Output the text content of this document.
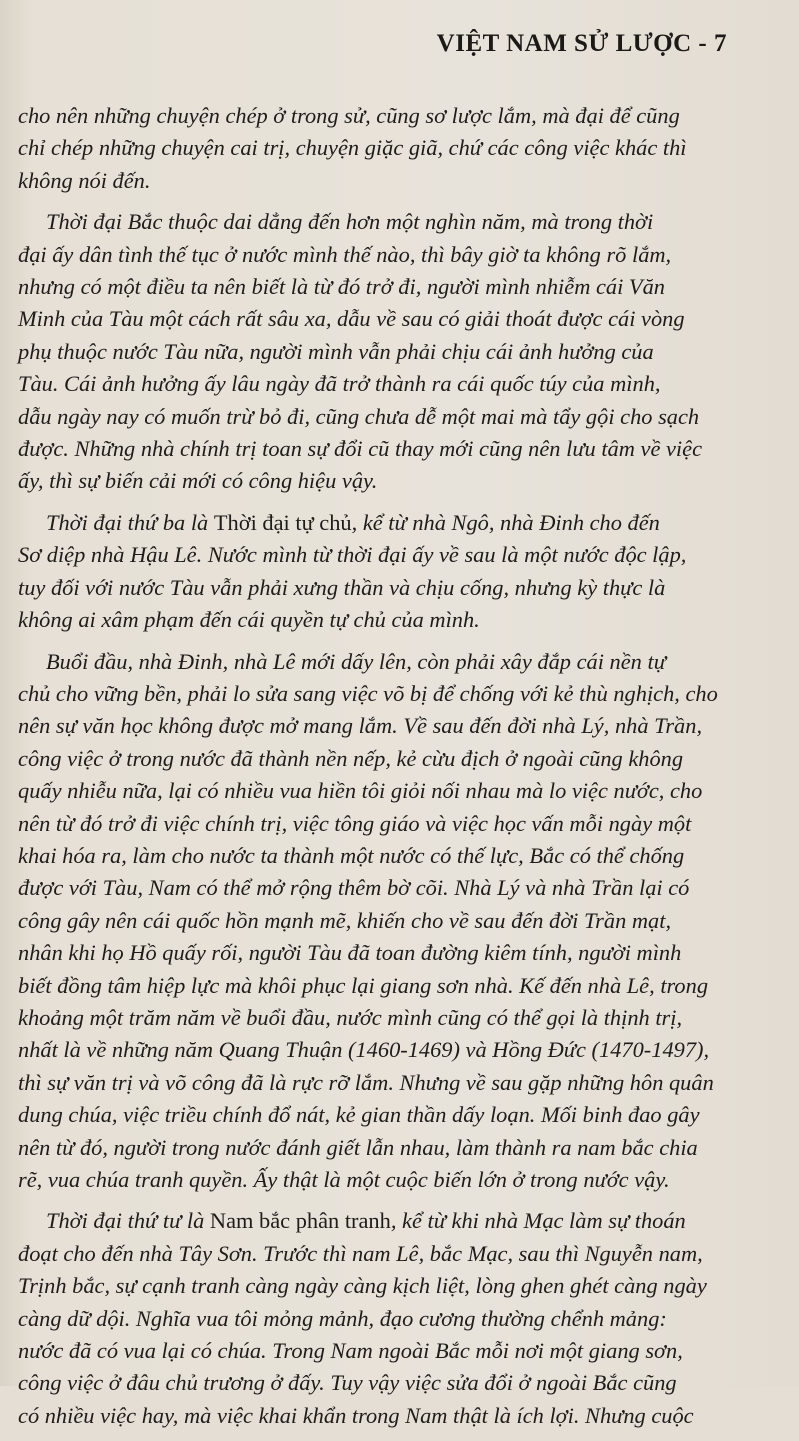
VIỆT NAM SỬ LƯỢC - 7
cho nên những chuyện chép ở trong sử, cũng sơ lược lắm, mà đại để cũng
chỉ chép những chuyện cai trị, chuyện giặc giã, chứ các công việc khác thì
không nói đến.
Thời đại Bắc thuộc dai dẳng đến hơn một nghìn năm, mà trong thời
đại ấy dân tình thế tục ở nước mình thế nào, thì bây giờ ta không rõ lắm,
nhưng có một điều ta nên biết là từ đó trở đi, người mình nhiễm cái Văn
Minh của Tàu một cách rất sâu xa, dẫu về sau có giải thoát được cái vòng
phụ thuộc nước Tàu nữa, người mình vẫn phải chịu cái ảnh hưởng của
Tàu. Cái ảnh hưởng ấy lâu ngày đã trở thành ra cái quốc túy của mình,
dẫu ngày nay có muốn trừ bỏ đi, cũng chưa dễ một mai mà tẩy gội cho sạch
được. Những nhà chính trị toan sự đổi cũ thay mới cũng nên lưu tâm về việc
ấy, thì sự biến cải mới có công hiệu vậy.
Thời đại thứ ba là Thời đại tự chủ, kể từ nhà Ngô, nhà Đinh cho đến
Sơ diệp nhà Hậu Lê. Nước mình từ thời đại ấy về sau là một nước độc lập,
tuy đối với nước Tàu vẫn phải xưng thần và chịu cống, nhưng kỳ thực là
không ai xâm phạm đến cái quyền tự chủ của mình.
Buổi đầu, nhà Đinh, nhà Lê mới dấy lên, còn phải xây đắp cái nền tự
chủ cho vững bền, phải lo sửa sang việc võ bị để chống với kẻ thù nghịch, cho
nên sự văn học không được mở mang lắm. Về sau đến đời nhà Lý, nhà Trần,
công việc ở trong nước đã thành nền nếp, kẻ cừu địch ở ngoài cũng không
quấy nhiễu nữa, lại có nhiều vua hiền tôi giỏi nối nhau mà lo việc nước, cho
nên từ đó trở đi việc chính trị, việc tông giáo và việc học vấn mỗi ngày một
khai hóa ra, làm cho nước ta thành một nước có thế lực, Bắc có thể chống
được với Tàu, Nam có thể mở rộng thêm bờ cõi. Nhà Lý và nhà Trần lại có
công gây nên cái quốc hồn mạnh mẽ, khiến cho về sau đến đời Trần mạt,
nhân khi họ Hồ quấy rối, người Tàu đã toan đường kiêm tính, người mình
biết đồng tâm hiệp lực mà khôi phục lại giang sơn nhà. Kế đến nhà Lê, trong
khoảng một trăm năm về buổi đầu, nước mình cũng có thể gọi là thịnh trị,
nhất là về những năm Quang Thuận (1460-1469) và Hồng Đức (1470-1497),
thì sự văn trị và võ công đã là rực rỡ lắm. Nhưng về sau gặp những hôn quân
dung chúa, việc triều chính đổ nát, kẻ gian thần dấy loạn. Mối binh đao gây
nên từ đó, người trong nước đánh giết lẫn nhau, làm thành ra nam bắc chia
rẽ, vua chúa tranh quyền. Ấy thật là một cuộc biến lớn ở trong nước vậy.
Thời đại thứ tư là Nam bắc phân tranh, kể từ khi nhà Mạc làm sự thoán
đoạt cho đến nhà Tây Sơn. Trước thì nam Lê, bắc Mạc, sau thì Nguyễn nam,
Trịnh bắc, sự cạnh tranh càng ngày càng kịch liệt, lòng ghen ghét càng ngày
càng dữ dội. Nghĩa vua tôi mỏng mảnh, đạo cương thường chểnh mảng:
nước đã có vua lại có chúa. Trong Nam ngoài Bắc mỗi nơi một giang sơn,
công việc ở đâu chủ trương ở đấy. Tuy vậy việc sửa đổi ở ngoài Bắc cũng
có nhiều việc hay, mà việc khai khẩn trong Nam thật là ích lợi. Nhưng cuộc
